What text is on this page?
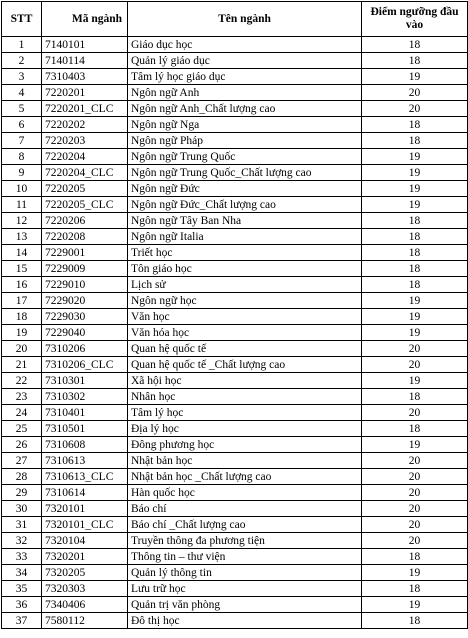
STT	Mã ngành	Tên ngành	Điểm ngưỡng đầu vào
1	7140101	Giáo dục học	18
2	7140114	Quản lý giáo dục	18
3	7310403	Tâm lý học giáo dục	19
4	7220201	Ngôn ngữ Anh	20
5	7220201_CLC	Ngôn ngữ Anh_Chất lượng cao	20
6	7220202	Ngôn ngữ Nga	18
7	7220203	Ngôn ngữ Pháp	18
8	7220204	Ngôn ngữ Trung Quốc	19
9	7220204_CLC	Ngôn ngữ Trung Quốc_Chất lượng cao	19
10	7220205	Ngôn ngữ Đức	19
11	7220205_CLC	Ngôn ngữ Đức_Chất lượng cao	19
12	7220206	Ngôn ngữ Tây Ban Nha	18
13	7220208	Ngôn ngữ Italia	18
14	7229001	Triết học	18
15	7229009	Tôn giáo học	18
16	7229010	Lịch sử	18
17	7229020	Ngôn ngữ học	19
18	7229030	Văn học	19
19	7229040	Văn hóa học	19
20	7310206	Quan hệ quốc tế	20
21	7310206_CLC	Quan hệ quốc tế _Chất lượng cao	20
22	7310301	Xã hội học	19
23	7310302	Nhân học	18
24	7310401	Tâm lý học	20
25	7310501	Địa lý học	18
26	7310608	Đông phương học	19
27	7310613	Nhật bản học	20
28	7310613_CLC	Nhật bản học _Chất lượng cao	20
29	7310614	Hàn quốc học	20
30	7320101	Báo chí	20
31	7320101_CLC	Báo chí _Chất lượng cao	20
32	7320104	Truyền thông đa phương tiện	20
33	7320201	Thông tin – thư viện	18
34	7320205	Quản lý thông tin	19
35	7320303	Lưu trữ học	18
36	7340406	Quản trị văn phòng	19
37	7580112	Đô thị học	18
